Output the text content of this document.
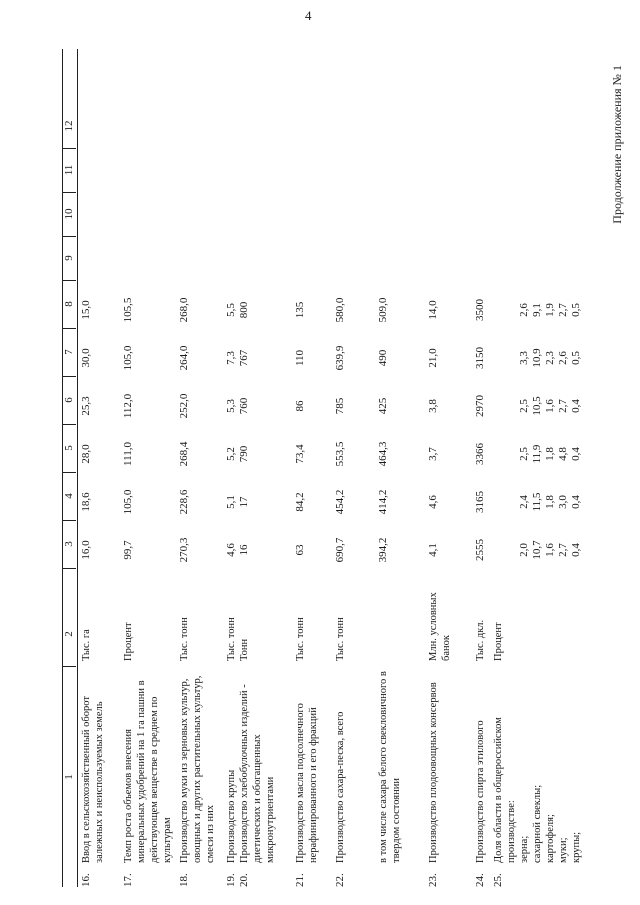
4
Продолжение приложения № 1
1
2
3
4
5
6
7
8
9
10
11
12
16.
Ввод в сельскохозяйственный оборот залежных и неиспользуемых земель
Тыс. га
16,0
18,6
28,0
25,3
30,0
15,0
17.
Темп роста объемов внесения минеральных удобрений на 1 га пашни в действующем веществе в среднем по культурам
Процент
99,7
105,0
111,0
112,0
105,0
105,5
18.
Производство муки из зерновых культур, овощных и других растительных культур, смеси из них
Тыс. тонн
270,3
228,6
268,4
252,0
264,0
268,0
19.
20.
Производство крупы
Производство хлебобулочных изделий - диетических и обогащенных микронутриентами
Тыс. тонн
Тонн
4,6
16
5,1
17
5,2
790
5,3
760
7,3
767
5,5
800
21.
Производство масла подсолнечного нерафинированного и его фракций
Тыс. тонн
63
84,2
73,4
86
110
135
22.
Производство сахара-песка, всего
Тыс. тонн
690,7
454,2
553,5
785
639,9
580,0
в том числе сахара белого свекловичного в твердом состоянии
394,2
414,2
464,3
425
490
509,0
23.
Производство плодоовощных консервов
Млн. условных банок
4,1
4,6
3,7
3,8
21,0
14,0
24.
Производство спирта этилового
Тыс. дкл.
2555
3165
3366
2970
3150
3500
25.
Доля области в общероссийском производстве:
зерна;
сахарной свеклы;
картофеля;
муки;
крупы;
Процент

2,0
10,7
1,6
2,7
0,4

2,4
11,5
1,8
3,0
0,4

2,5
11,9
1,8
4,8
0,4

2,5
10,5
1,6
2,7
0,4

3,3
10,9
2,3
2,6
0,5

2,6
9,1
1,9
2,7
0,5
